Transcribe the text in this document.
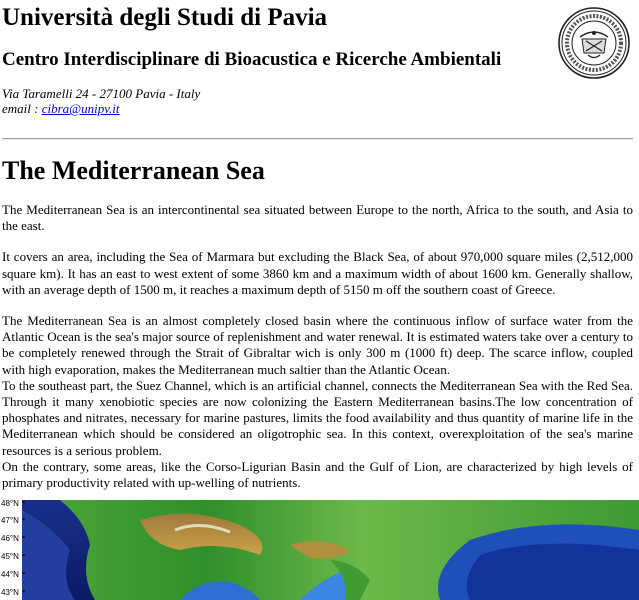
Università degli Studi di Pavia
Centro Interdisciplinare di Bioacustica e Ricerche Ambientali
Via Taramelli 24 - 27100 Pavia - Italy
email : cibra@unipv.it
The Mediterranean Sea

The Mediterranean Sea is an intercontinental sea situated between Europe to the north, Africa to the south, and Asia to the east.

It covers an area, including the Sea of Marmara but excluding the Black Sea, of about 970,000 square miles (2,512,000 square km). It has an east to west extent of some 3860 km and a maximum width of about 1600 km. Generally shallow, with an average depth of 1500 m, it reaches a maximum depth of 5150 m off the southern coast of Greece.

The Mediterranean Sea is an almost completely closed basin where the continuous inflow of surface water from the Atlantic Ocean is the sea's major source of replenishment and water renewal. It is estimated waters take over a century to be completely renewed through the Strait of Gibraltar wich is only 300 m (1000 ft) deep. The scarce inflow, coupled with high evaporation, makes the Mediterranean much saltier than the Atlantic Ocean.

To the southeast part, the Suez Channel, which is an artificial channel, connects the Mediterranean Sea with the Red Sea. Through it many xenobiotic species are now colonizing the Eastern Mediterranean basins.The low concentration of phosphates and nitrates, necessary for marine pastures, limits the food availability and thus quantity of marine life in the Mediterranean which should be considered an oligotrophic sea. In this context, overexploitation of the sea's marine resources is a serious problem.

On the contrary, some areas, like the Corso-Ligurian Basin and the Gulf of Lion, are characterized by high levels of primary productivity related with up-welling of nutrients.

48°N
47°N
46°N
45°N
44°N
43°N
